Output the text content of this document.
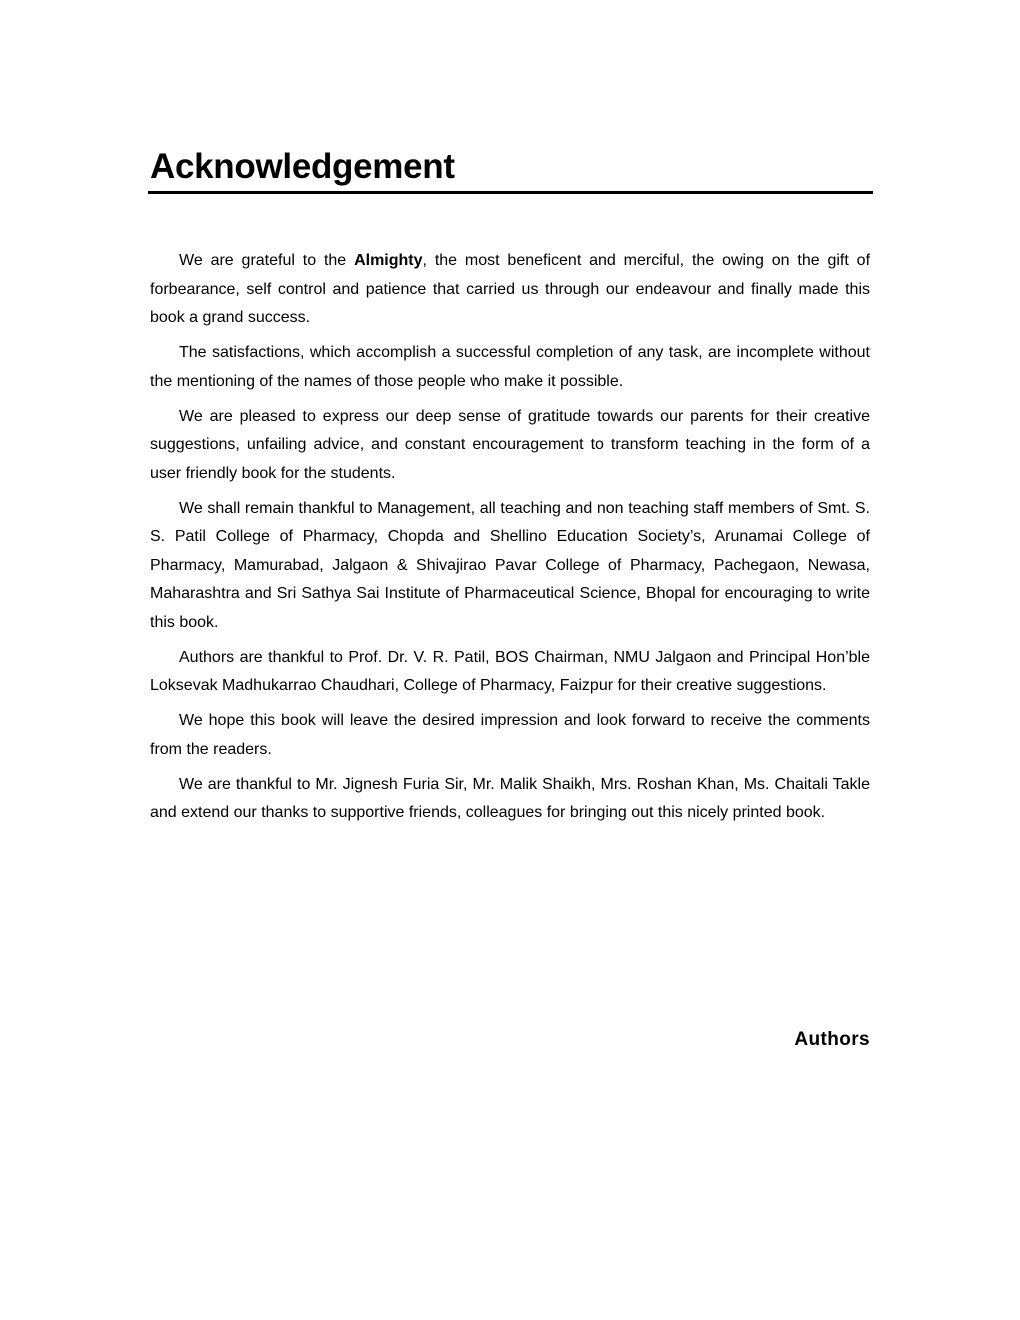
Acknowledgement

We are grateful to the Almighty, the most beneficent and merciful, the owing on the gift of forbearance, self control and patience that carried us through our endeavour and finally made this book a grand success.

The satisfactions, which accomplish a successful completion of any task, are incomplete without the mentioning of the names of those people who make it possible.

We are pleased to express our deep sense of gratitude towards our parents for their creative suggestions, unfailing advice, and constant encouragement to transform teaching in the form of a user friendly book for the students.

We shall remain thankful to Management, all teaching and non teaching staff members of Smt. S. S. Patil College of Pharmacy, Chopda and Shellino Education Society’s, Arunamai College of Pharmacy, Mamurabad, Jalgaon & Shivajirao Pavar College of Pharmacy, Pachegaon, Newasa, Maharashtra and Sri Sathya Sai Institute of Pharmaceutical Science, Bhopal for encouraging to write this book.

Authors are thankful to Prof. Dr. V. R. Patil, BOS Chairman, NMU Jalgaon and Principal Hon’ble Loksevak Madhukarrao Chaudhari, College of Pharmacy, Faizpur for their creative suggestions.

We hope this book will leave the desired impression and look forward to receive the comments from the readers.

We are thankful to Mr. Jignesh Furia Sir, Mr. Malik Shaikh, Mrs. Roshan Khan, Ms. Chaitali Takle and extend our thanks to supportive friends, colleagues for bringing out this nicely printed book.

Authors
